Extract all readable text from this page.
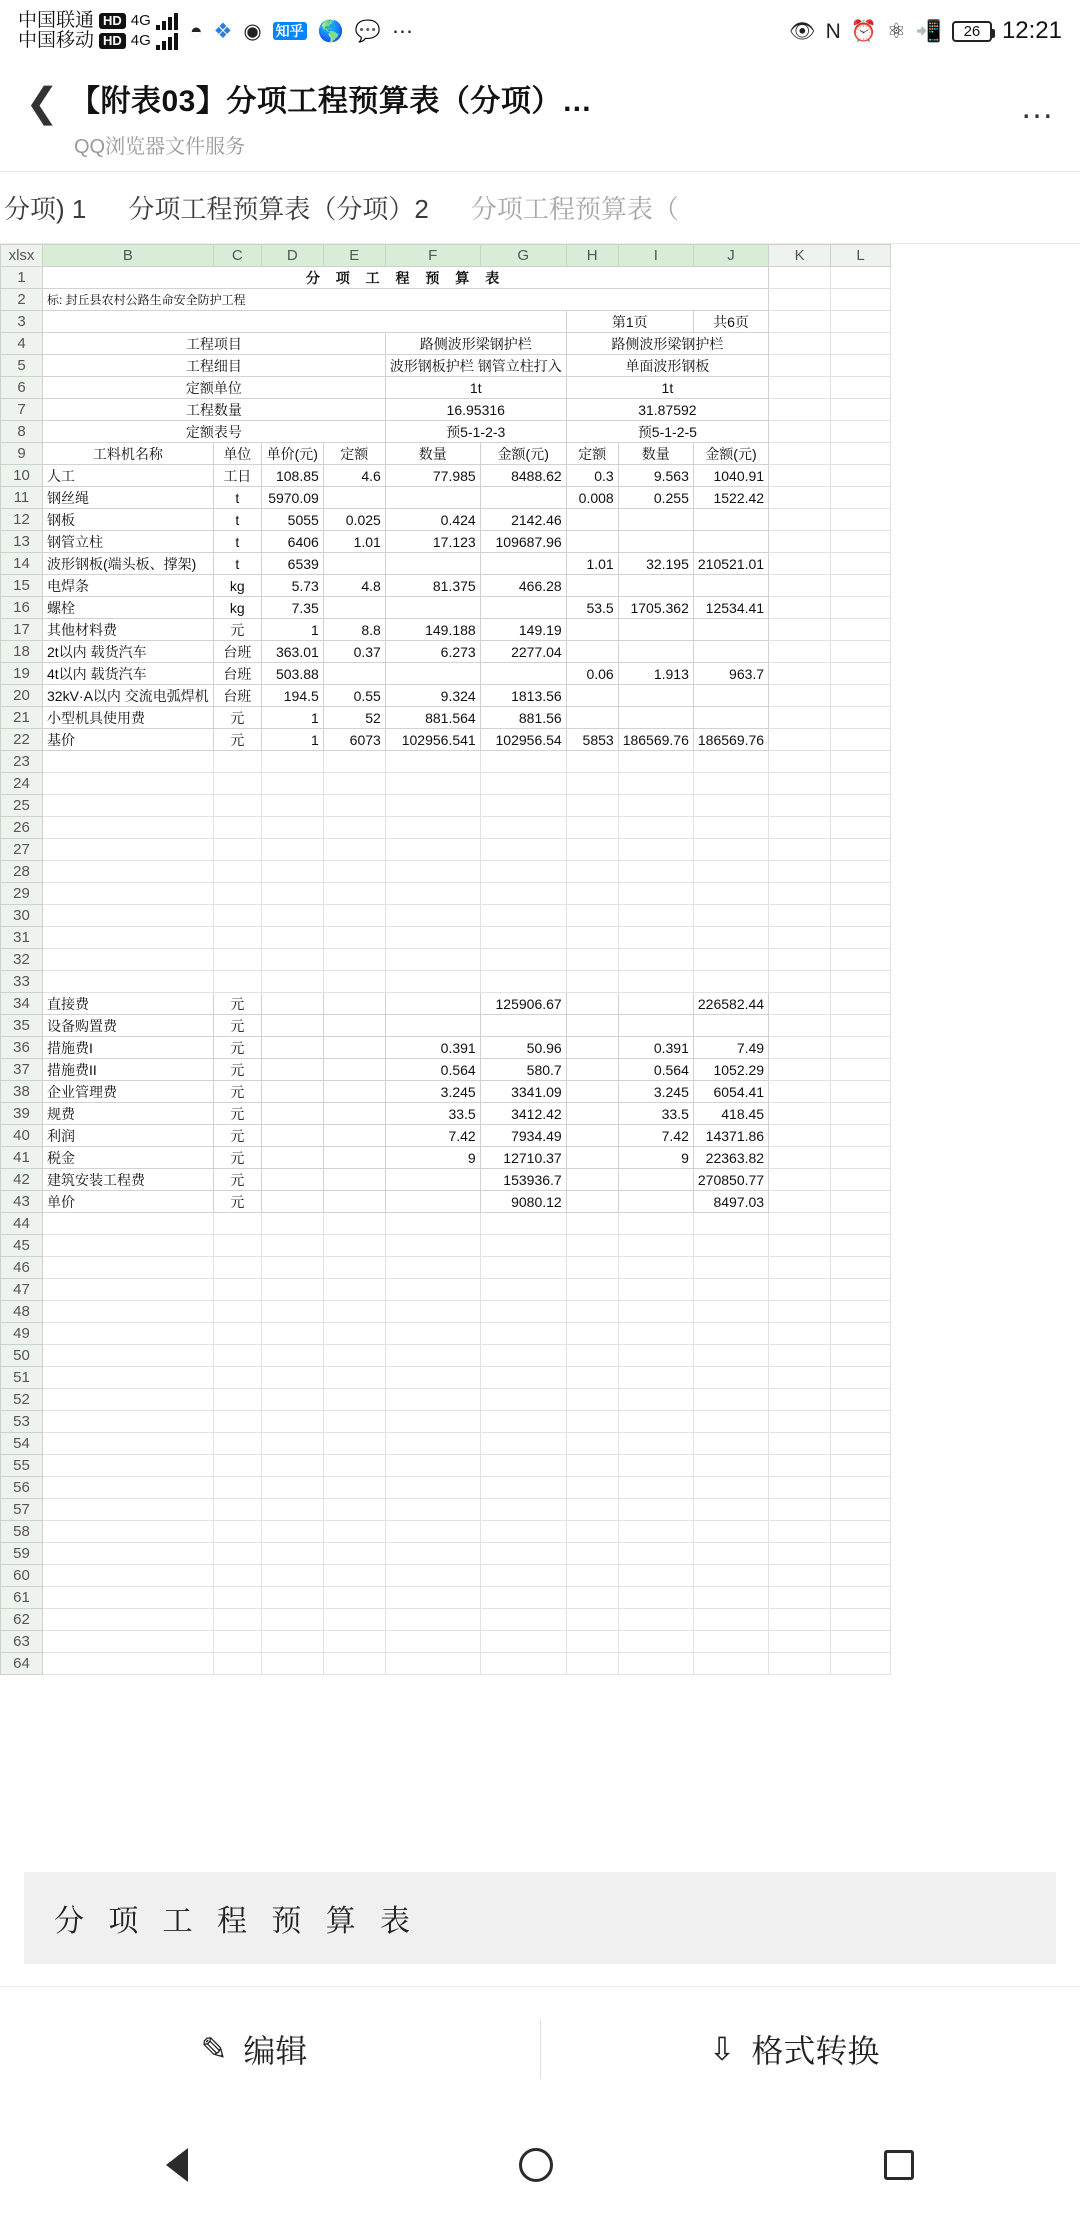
中国联通 HD 4G
中国移动 HD 4G ◓ ❖ ◉ 知乎 🌎 💬 ⋯	👁 N ⏰ ⚛ 📲	26 12:21
❮ 【附表03】分项工程预算表（分项）…
QQ浏览器文件服务
…
分项) 1 分项工程预算表（分项）2 分项工程预算表（
xlsx	B	C	D	E	F	G	H	I	J	K	L
1	分 项 工 程 预 算 表										
2	标: 封丘县农村公路生命安全防护工程										
3							第1页		共6页		
4	工程项目				路侧波形梁钢护栏		路侧波形梁钢护栏				
5	工程细目				波形钢板护栏 钢管立柱打入		单面波形钢板				
6	定额单位				1t		1t				
7	工程数量				16.95316		31.87592				
8	定额表号				预5-1-2-3		预5-1-2-5				
9	工料机名称	单位	单价(元)	定额	数量	金额(元)	定额	数量	金额(元)		
10	人工	工日	108.85	4.6	77.985	8488.62	0.3	9.563	1040.91		
11	钢丝绳	t	5970.09				0.008	0.255	1522.42		
12	钢板	t	5055	0.025	0.424	2142.46					
13	钢管立柱	t	6406	1.01	17.123	109687.96					
14	波形钢板(端头板、撑架)	t	6539				1.01	32.195	210521.01		
15	电焊条	kg	5.73	4.8	81.375	466.28					
16	螺栓	kg	7.35				53.5	1705.362	12534.41		
17	其他材料费	元	1	8.8	149.188	149.19					
18	2t以内 载货汽车	台班	363.01	0.37	6.273	2277.04					
19	4t以内 载货汽车	台班	503.88				0.06	1.913	963.7		
20	32kV·A以内 交流电弧焊机	台班	194.5	0.55	9.324	1813.56					
21	小型机具使用费	元	1	52	881.564	881.56					
22	基价	元	1	6073	102956.541	102956.54	5853	186569.76	186569.76		
23											
24											
25											
26											
27											
28											
29											
30											
31											
32											
33											
34	直接费	元				125906.67			226582.44		
35	设备购置费	元									
36	措施费I	元			0.391	50.96		0.391	7.49		
37	措施费II	元			0.564	580.7		0.564	1052.29		
38	企业管理费	元			3.245	3341.09		3.245	6054.41		
39	规费	元			33.5	3412.42		33.5	418.45		
40	利润	元			7.42	7934.49		7.42	14371.86		
41	税金	元			9	12710.37		9	22363.82		
42	建筑安装工程费	元				153936.7			270850.77		
43	单价	元				9080.12			8497.03		
44											
45											
46											
47											
48											
49											
50											
51											
52											
53											
54											
55											
56											
57											
58											
59											
60											
61											
62											
63											
64											
分 项 工 程 预 算 表
✎ 编辑	⇩ 格式转换
